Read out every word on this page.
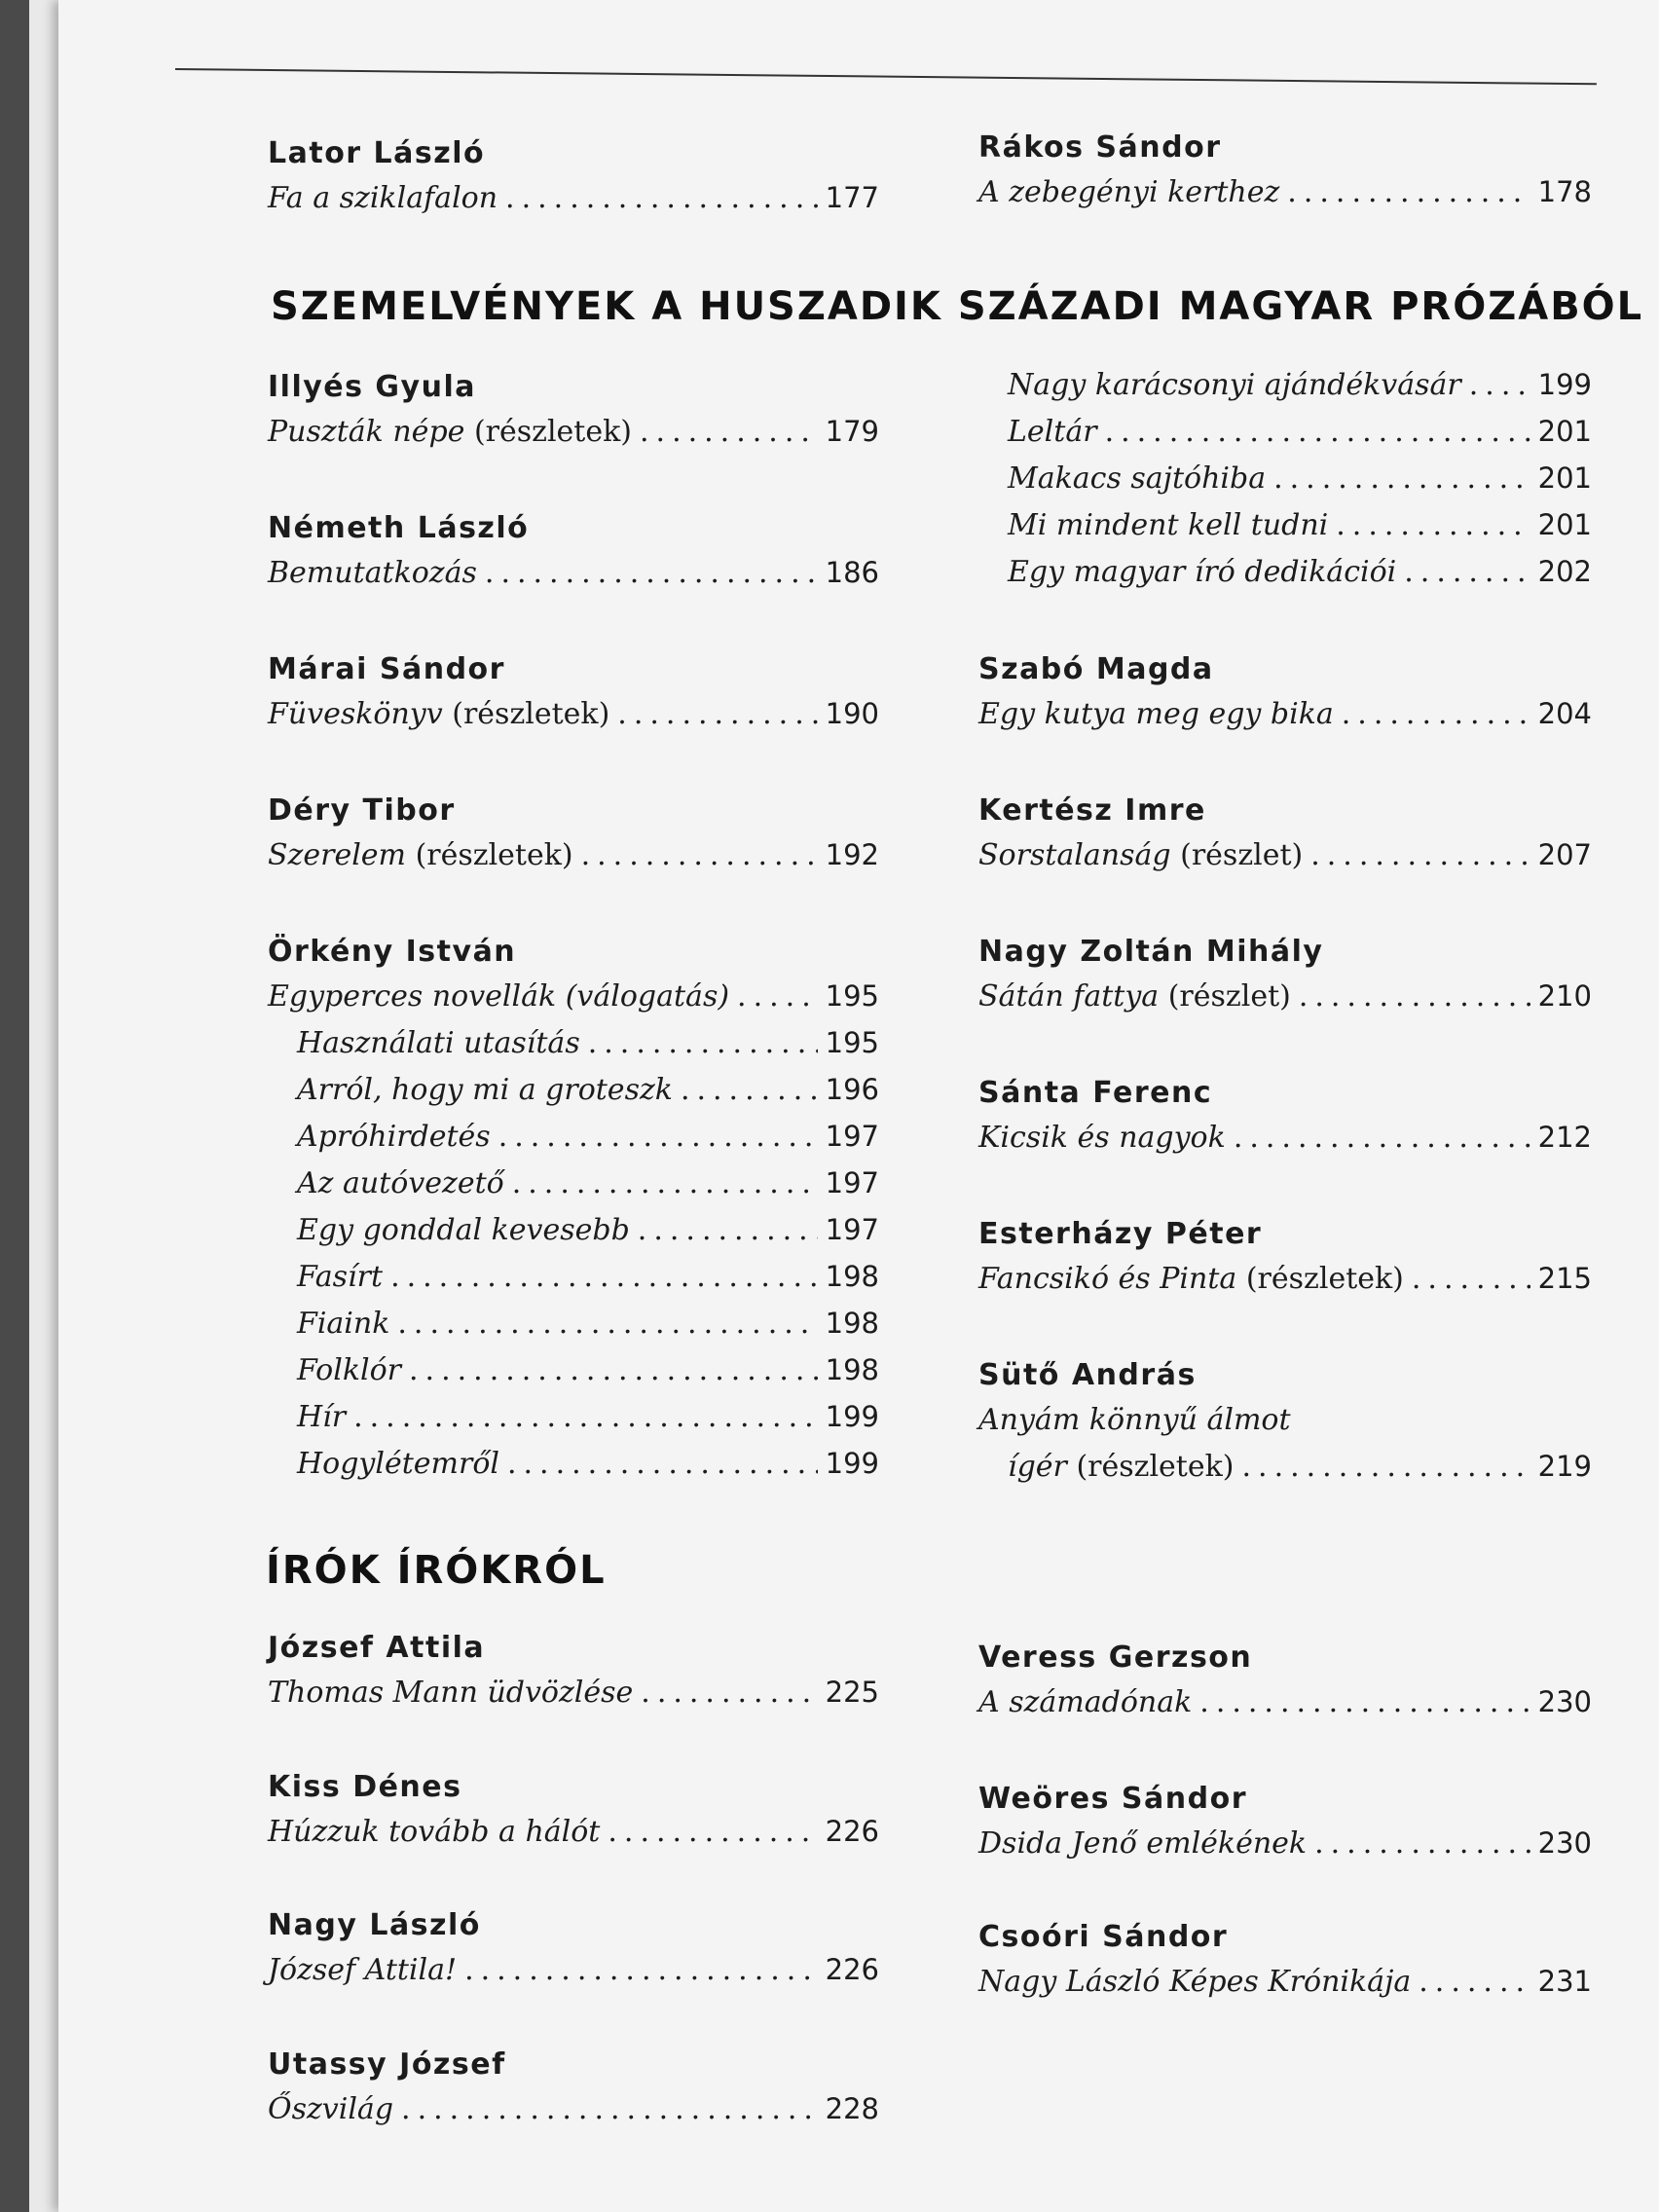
Lator László
Fa a sziklafalon .....	177
Rákos Sándor
A zebegényi kerthez .....	178
SZEMELVÉNYEK A HUSZADIK SZÁZADI MAGYAR PRÓZÁBÓL
Illyés Gyula
Puszták népe
(részletek) .....	179
Németh László
Bemutatkozás .....	186
Márai Sándor
Füveskönyv
(részletek) .....	190
Déry Tibor
Szerelem
(részletek) .....	192
Örkény István
Egyperces novellák (válogatás) .....	195
Használati utasítás .....	195
Arról, hogy mi a groteszk .....	196
Apróhirdetés .....	197
Az autóvezető .....	197
Egy gonddal kevesebb .....	197
Fasírt .....	198
Fiaink .....	198
Folklór .....	198
Hír .....	199
Hogylétemről .....	199
Nagy karácsonyi ajándékvásár .....	199
Leltár .....	201
Makacs sajtóhiba .....	201
Mi mindent kell tudni .....	201
Egy magyar író dedikációi .....	202
Szabó Magda
Egy kutya meg egy bika .....	204
Kertész Imre
Sorstalanság
(részlet) .....	207
Nagy Zoltán Mihály
Sátán fattya
(részlet) .....	210
Sánta Ferenc
Kicsik és nagyok .....	212
Esterházy Péter
Fancsikó és Pinta
(részletek) .....	215
Sütő András
Anyám könnyű álmot
ígér
(részletek) .....	219
ÍRÓK ÍRÓKRÓL
József Attila
Thomas Mann üdvözlése .....	225
Kiss Dénes
Húzzuk tovább a hálót .....	226
Nagy László
József Attila! .....	226
Utassy József
Őszvilág .....	228
Veress Gerzson
A számadónak .....	230
Weöres Sándor
Dsida Jenő emlékének .....	230
Csoóri Sándor
Nagy László Képes Krónikája .....	231
